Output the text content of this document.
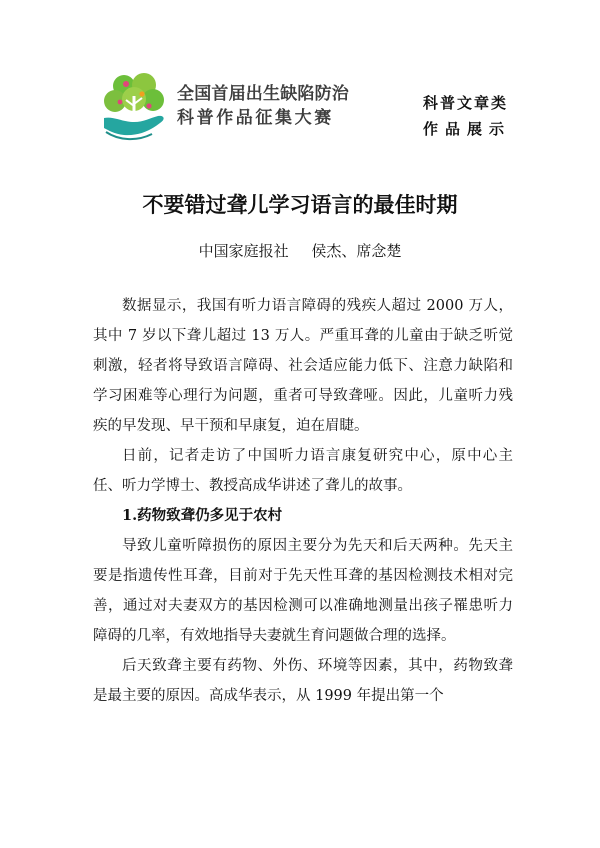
全国首届出生缺陷防治
科普作品征集大赛
科普文章类
作品展示
不要错过聋儿学习语言的最佳时期
中国家庭报社 侯杰、席念楚

数据显示，我国有听力语言障碍的残疾人超过 2000 万人，其中 7 岁以下聋儿超过 13 万人。严重耳聋的儿童由于缺乏听觉刺激，轻者将导致语言障碍、社会适应能力低下、注意力缺陷和学习困难等心理行为问题，重者可导致聋哑。因此，儿童听力残疾的早发现、早干预和早康复，迫在眉睫。

日前，记者走访了中国听力语言康复研究中心，原中心主任、听力学博士、教授高成华讲述了聋儿的故事。

1.药物致聋仍多见于农村

导致儿童听障损伤的原因主要分为先天和后天两种。先天主要是指遗传性耳聋，目前对于先天性耳聋的基因检测技术相对完善，通过对夫妻双方的基因检测可以准确地测量出孩子罹患听力障碍的几率，有效地指导夫妻就生育问题做合理的选择。

后天致聋主要有药物、外伤、环境等因素，其中，药物致聋是最主要的原因。高成华表示，从 1999 年提出第一个
